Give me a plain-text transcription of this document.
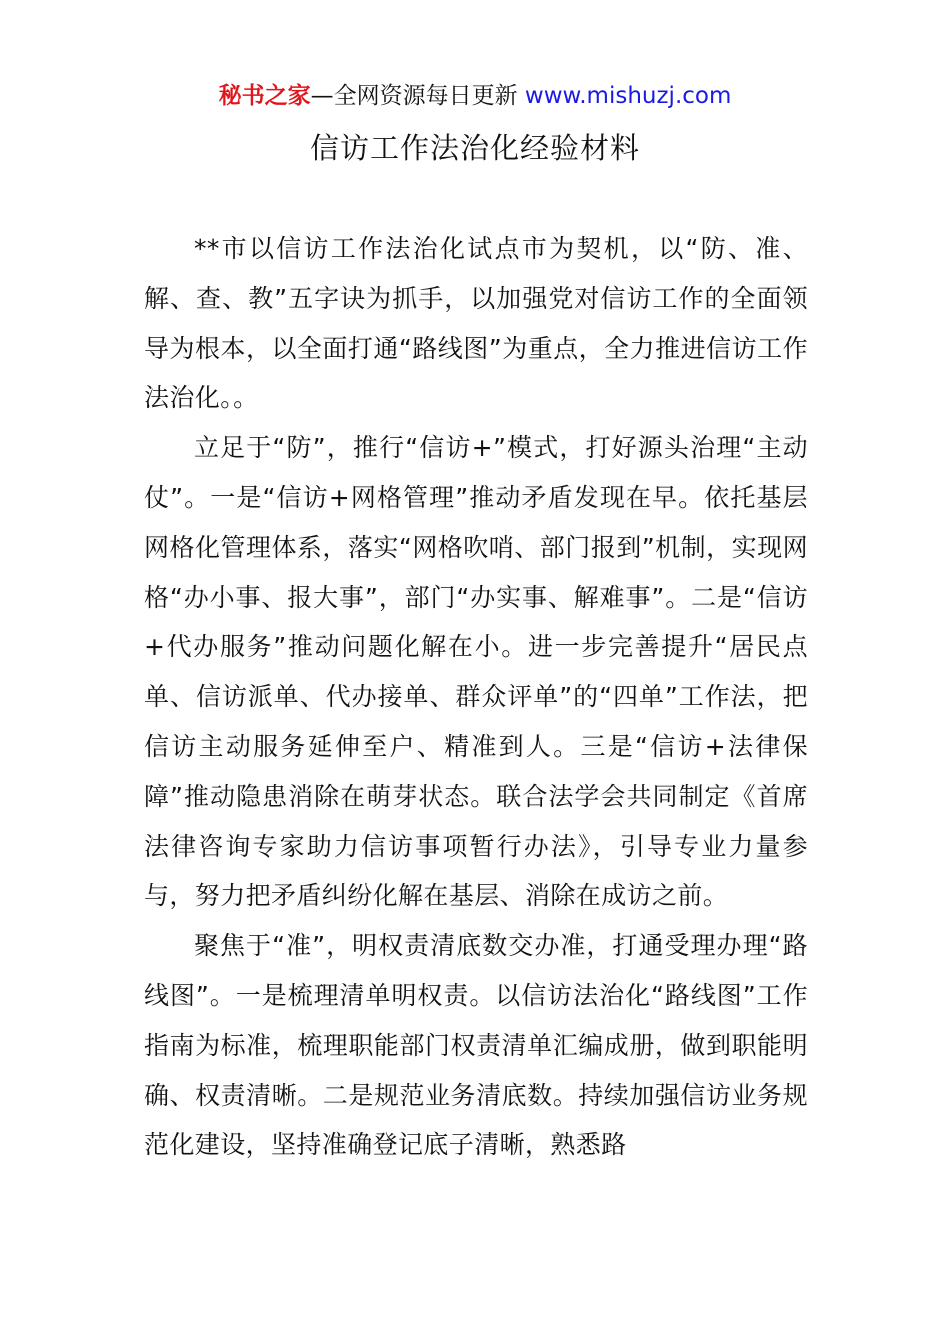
秘书之家—全网资源每日更新 www.mishuzj.com
信访工作法治化经验材料

**市以信访工作法治化试点市为契机，以“防、准、解、查、教”五字诀为抓手，以加强党对信访工作的全面领导为根本，以全面打通“路线图”为重点，全力推进信访工作法治化。。

立足于“防”，推行“信访+”模式，打好源头治理“主动仗”。一是“信访+网格管理”推动矛盾发现在早。依托基层网格化管理体系，落实“网格吹哨、部门报到”机制，实现网格“办小事、报大事”，部门“办实事、解难事”。二是“信访+代办服务”推动问题化解在小。进一步完善提升“居民点单、信访派单、代办接单、群众评单”的“四单”工作法，把信访主动服务延伸至户、精准到人。三是“信访+法律保障”推动隐患消除在萌芽状态。联合法学会共同制定《首席法律咨询专家助力信访事项暂行办法》，引导专业力量参与，努力把矛盾纠纷化解在基层、消除在成访之前。

聚焦于“准”，明权责清底数交办准，打通受理办理“路线图”。一是梳理清单明权责。以信访法治化“路线图”工作指南为标准，梳理职能部门权责清单汇编成册，做到职能明确、权责清晰。二是规范业务清底数。持续加强信访业务规范化建设，坚持准确登记底子清晰，熟悉路
